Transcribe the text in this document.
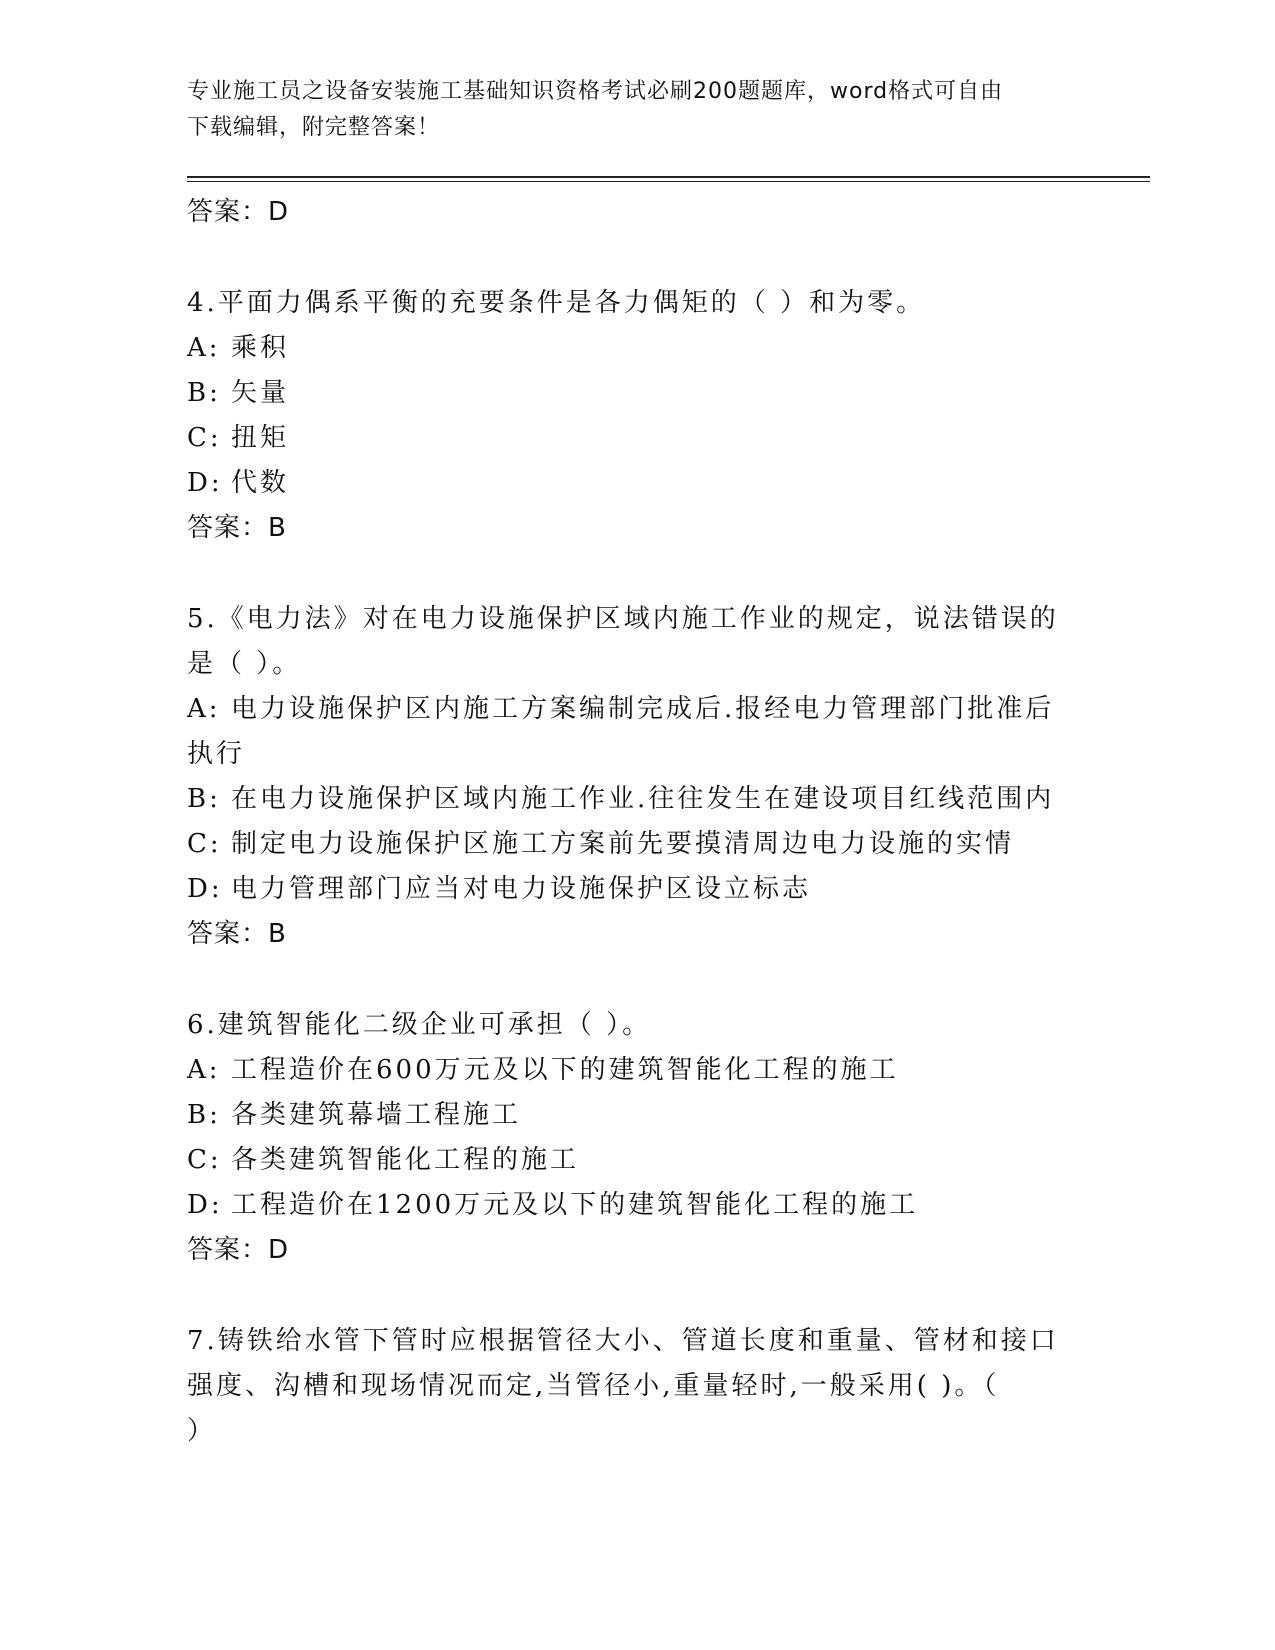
专业施工员之设备安装施工基础知识资格考试必刷200题题库，word格式可自由
下载编辑，附完整答案！
答案：D
4.平面力偶系平衡的充要条件是各力偶矩的（ ）和为零。
A: 乘积
B: 矢量
C: 扭矩
D: 代数
答案：B
5.《电力法》对在电力设施保护区域内施工作业的规定，说法错误的
是（ ）。
A: 电力设施保护区内施工方案编制完成后.报经电力管理部门批准后
执行
B: 在电力设施保护区域内施工作业.往往发生在建设项目红线范围内
C: 制定电力设施保护区施工方案前先要摸清周边电力设施的实情
D: 电力管理部门应当对电力设施保护区设立标志
答案：B
6.建筑智能化二级企业可承担（ ）。
A: 工程造价在600万元及以下的建筑智能化工程的施工
B: 各类建筑幕墙工程施工
C: 各类建筑智能化工程的施工
D: 工程造价在1200万元及以下的建筑智能化工程的施工
答案：D
7.铸铁给水管下管时应根据管径大小、管道长度和重量、管材和接口
强度、沟槽和现场情况而定,当管径小,重量轻时,一般采用( )。（
）
